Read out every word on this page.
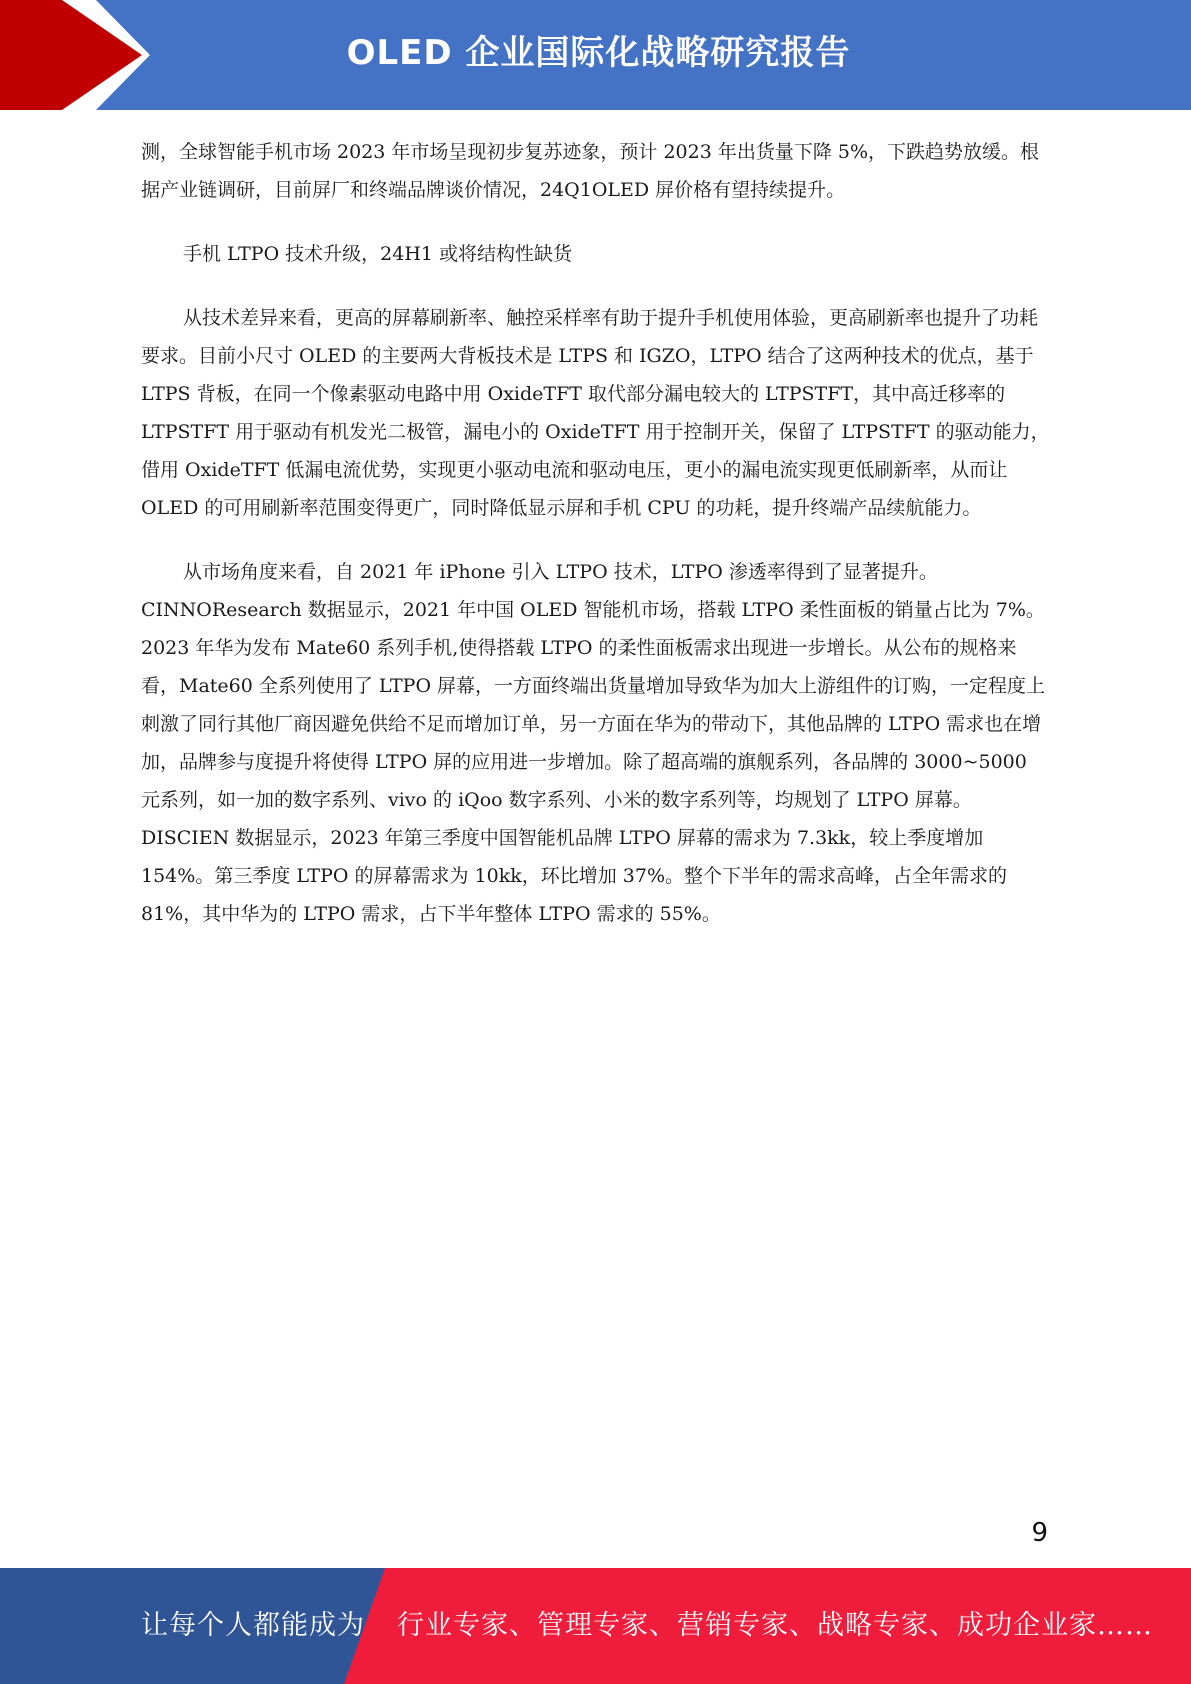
OLED 企业国际化战略研究报告

测，全球智能手机市场 2023 年市场呈现初步复苏迹象，预计 2023 年出货量下降 5%，下跌趋势放缓。根据产业链调研，目前屏厂和终端品牌谈价情况，24Q1OLED 屏价格有望持续提升。

手机 LTPO 技术升级，24H1 或将结构性缺货

从技术差异来看，更高的屏幕刷新率、触控采样率有助于提升手机使用体验，更高刷新率也提升了功耗要求。目前小尺寸 OLED 的主要两大背板技术是 LTPS 和 IGZO，LTPO 结合了这两种技术的优点，基于 LTPS 背板，在同一个像素驱动电路中用 OxideTFT 取代部分漏电较大的 LTPSTFT，其中高迁移率的 LTPSTFT 用于驱动有机发光二极管，漏电小的 OxideTFT 用于控制开关，保留了 LTPSTFT 的驱动能力，借用 OxideTFT 低漏电流优势，实现更小驱动电流和驱动电压，更小的漏电流实现更低刷新率，从而让 OLED 的可用刷新率范围变得更广，同时降低显示屏和手机 CPU 的功耗，提升终端产品续航能力。

从市场角度来看，自 2021 年 iPhone 引入 LTPO 技术，LTPO 渗透率得到了显著提升。CINNOResearch 数据显示，2021 年中国 OLED 智能机市场，搭载 LTPO 柔性面板的销量占比为 7%。2023 年华为发布 Mate60 系列手机,使得搭载 LTPO 的柔性面板需求出现进一步增长。从公布的规格来看，Mate60 全系列使用了 LTPO 屏幕，一方面终端出货量增加导致华为加大上游组件的订购，一定程度上刺激了同行其他厂商因避免供给不足而增加订单，另一方面在华为的带动下，其他品牌的 LTPO 需求也在增加，品牌参与度提升将使得 LTPO 屏的应用进一步增加。除了超高端的旗舰系列，各品牌的 3000~5000 元系列，如一加的数字系列、vivo 的 iQoo 数字系列、小米的数字系列等，均规划了 LTPO 屏幕。DISCIEN 数据显示，2023 年第三季度中国智能机品牌 LTPO 屏幕的需求为 7.3kk，较上季度增加 154%。第三季度 LTPO 的屏幕需求为 10kk，环比增加 37%。整个下半年的需求高峰，占全年需求的 81%，其中华为的 LTPO 需求，占下半年整体 LTPO 需求的 55%。

9
让每个人都能成为 行业专家、管理专家、营销专家、战略专家、成功企业家……
